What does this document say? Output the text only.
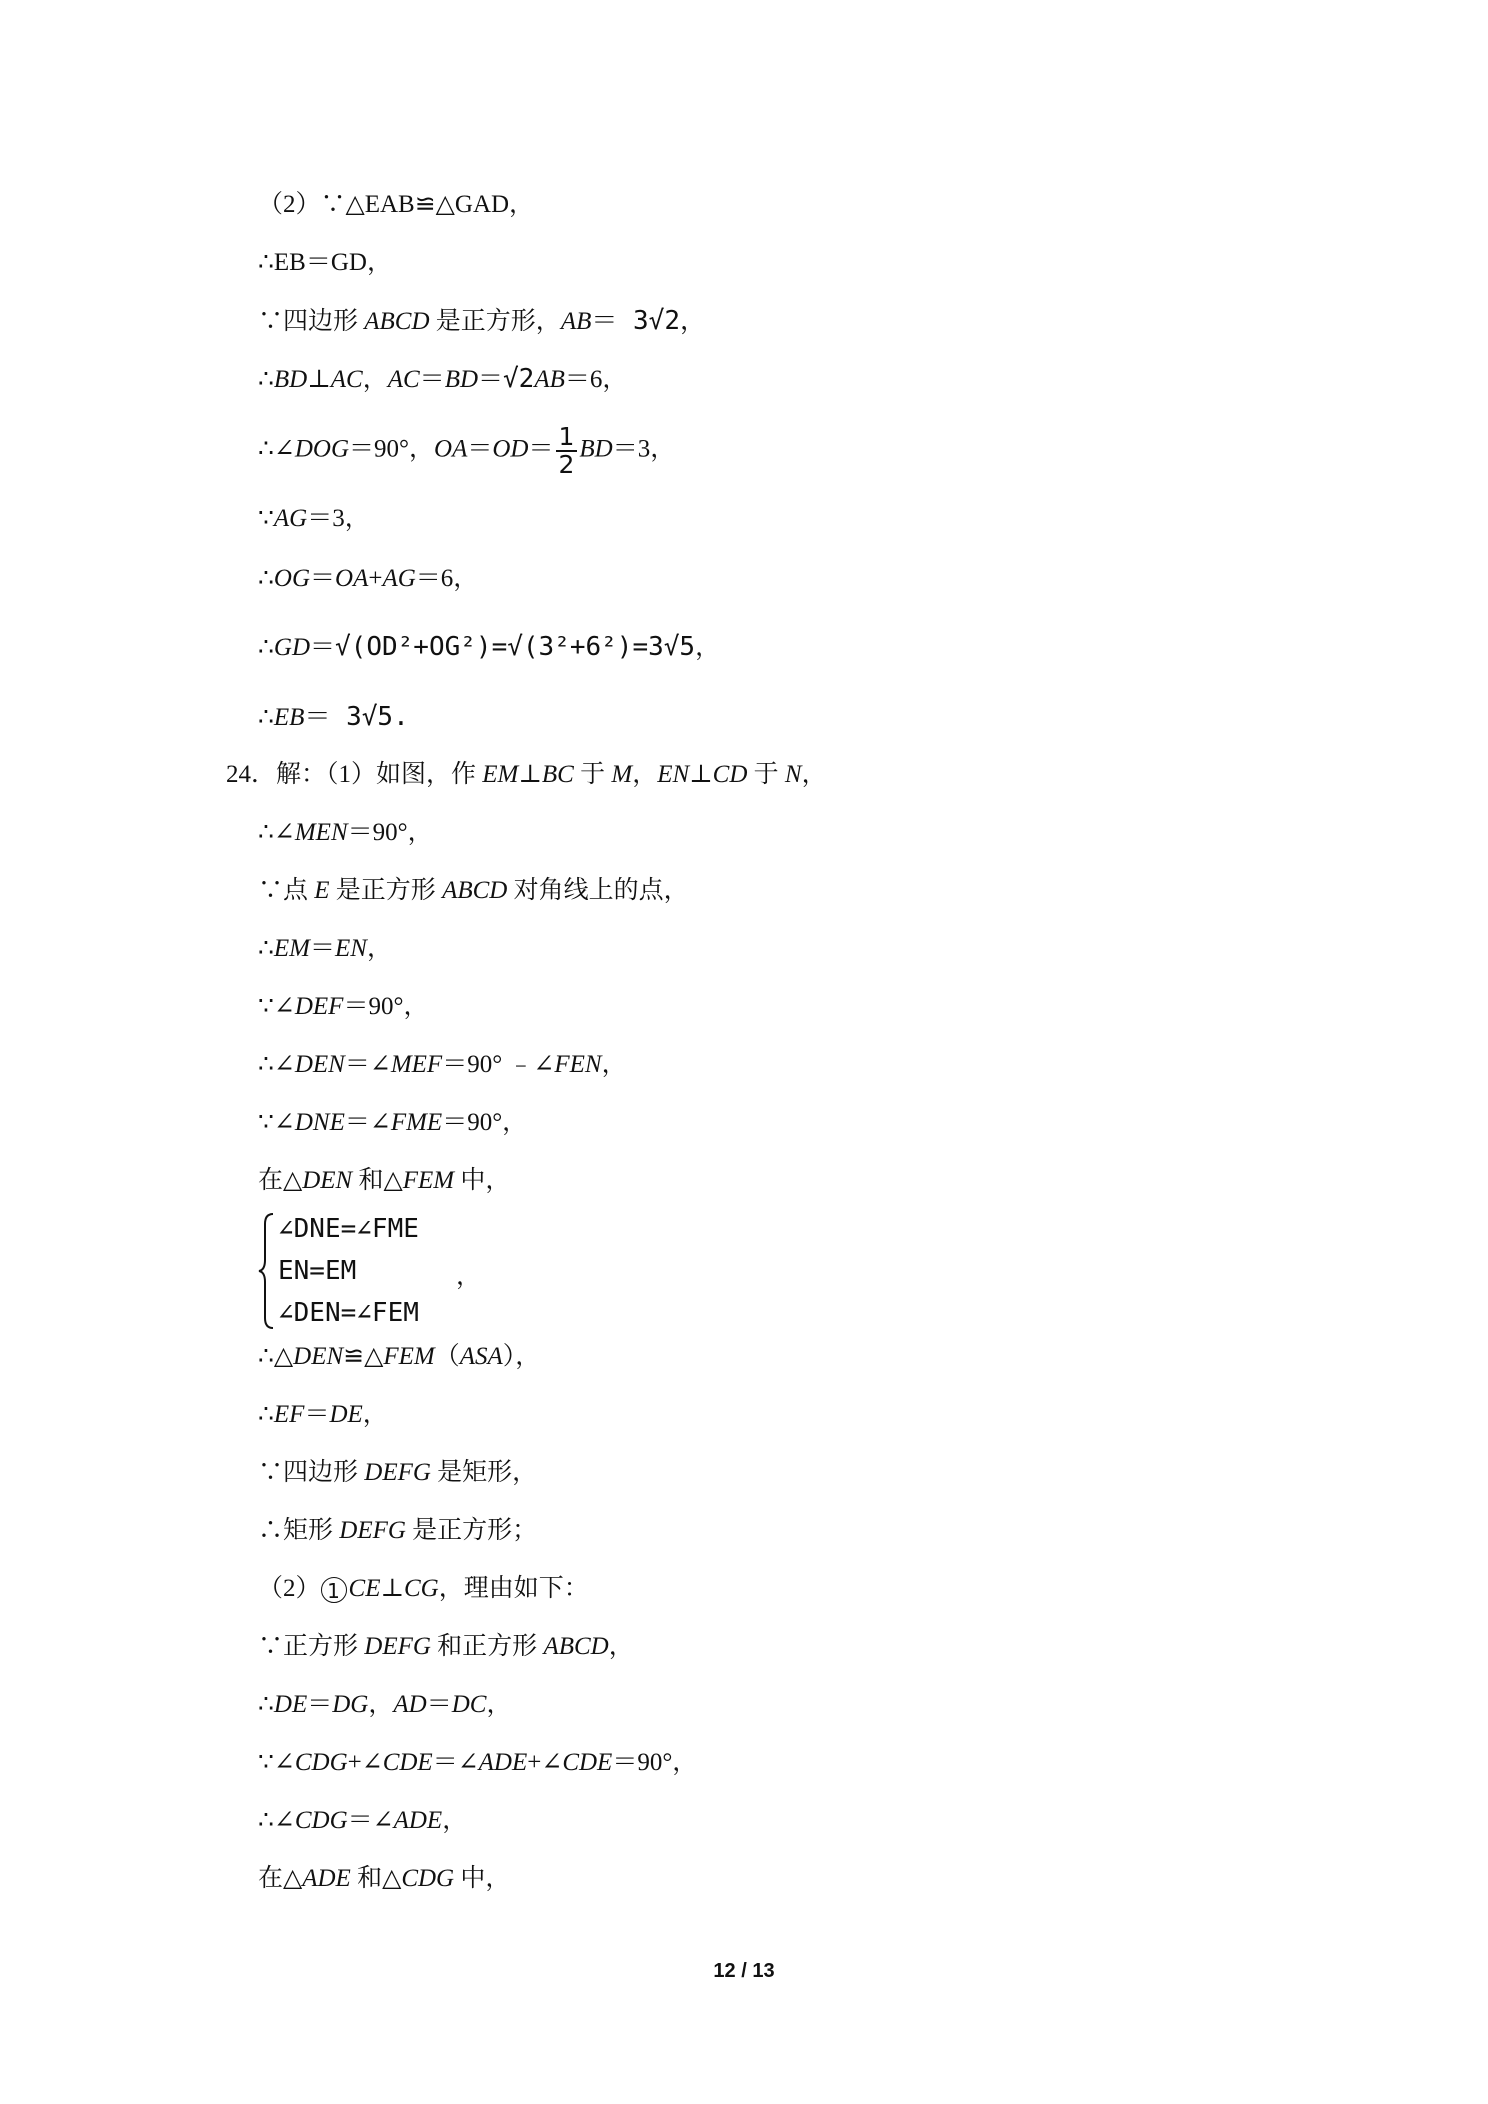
（2）∵△EAB≌△GAD，
∴EB＝GD，
∵四边形 ABCD 是正方形，AB＝ 3√2，
∴BD⊥AC，AC＝BD＝√2AB＝6，
∴∠DOG＝90°，$OA=OD= \frac{1}{2} BD=3$，
∵AG＝3，
∴OG＝OA+AG＝6，
∴GD＝√(OD²+OG²)=√(3²+6²)=3√5，
∴EB＝ 3√5.
24．解：（1）如图，作 EM⊥BC 于 M，EN⊥CD 于 N，
∴∠MEN＝90°，
∵点 E 是正方形 ABCD 对角线上的点，
∴EM＝EN，
∵∠DEF＝90°，
∴∠DEN＝∠MEF＝90° ﹣∠FEN，
∵∠DNE＝∠FME＝90°，
在△DEN 和△FEM 中，
∠DNE=∠FME
EN=EM
∠DEN=∠FEM
，
∴△DEN≌△FEM（ASA），
∴EF＝DE，
∵四边形 DEFG 是矩形，
∴矩形 DEFG 是正方形；
（2） 1 CE⊥CG，理由如下：
∵正方形 DEFG 和正方形 ABCD，
∴DE＝DG，AD＝DC，
∵∠CDG+∠CDE＝∠ADE+∠CDE＝90°，
∴∠CDG＝∠ADE，
在△ADE 和△CDG 中，
12 / 13
